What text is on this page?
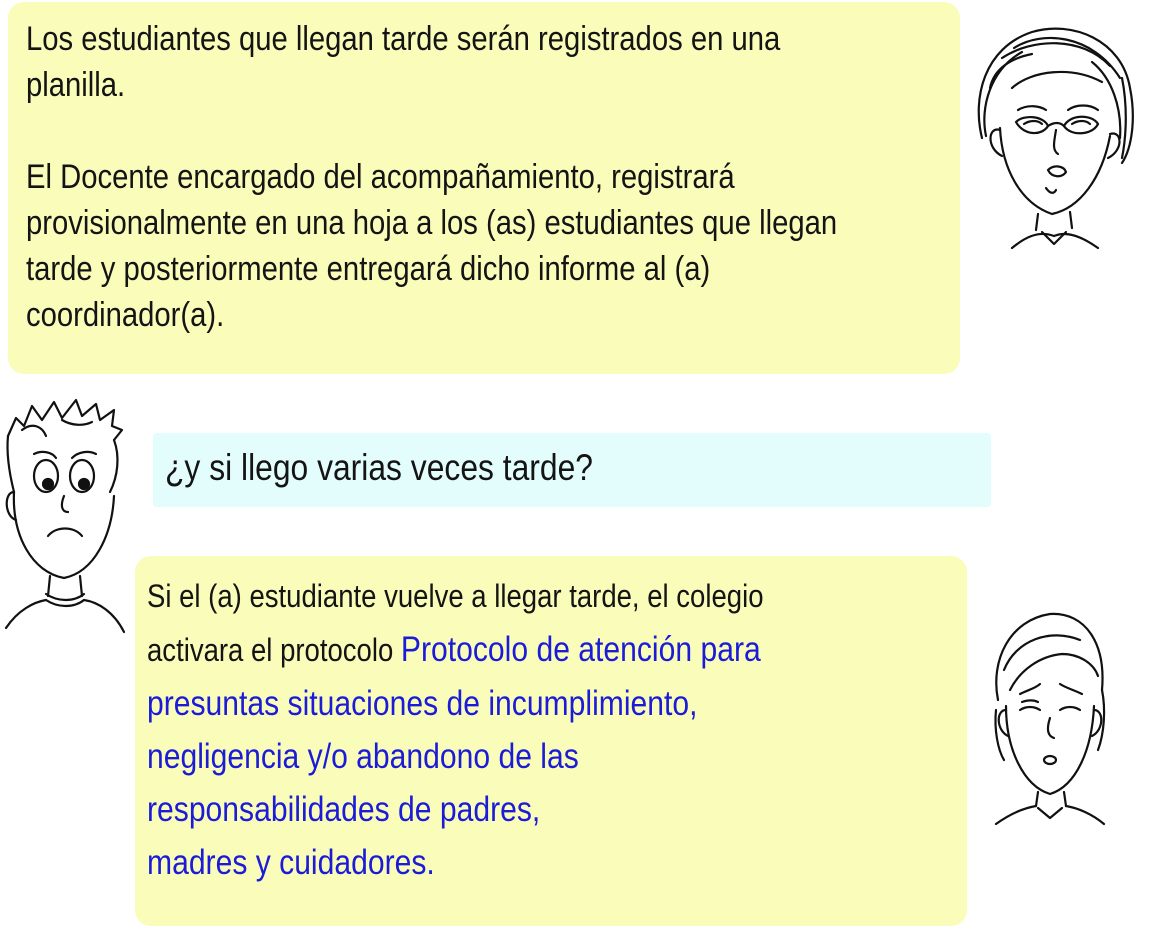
Los estudiantes que llegan tarde serán registrados en una

planilla.

El Docente encargado del acompañamiento, registrará

provisionalmente en una hoja a los (as) estudiantes que llegan

tarde y posteriormente entregará dicho informe al (a)

coordinador(a).

¿y si llego varias veces tarde?

Si el (a) estudiante vuelve a llegar tarde, el colegio

activara el protocolo Protocolo de atención para

presuntas situaciones de incumplimiento,

negligencia y/o abandono de las

responsabilidades de padres,

madres y cuidadores.
